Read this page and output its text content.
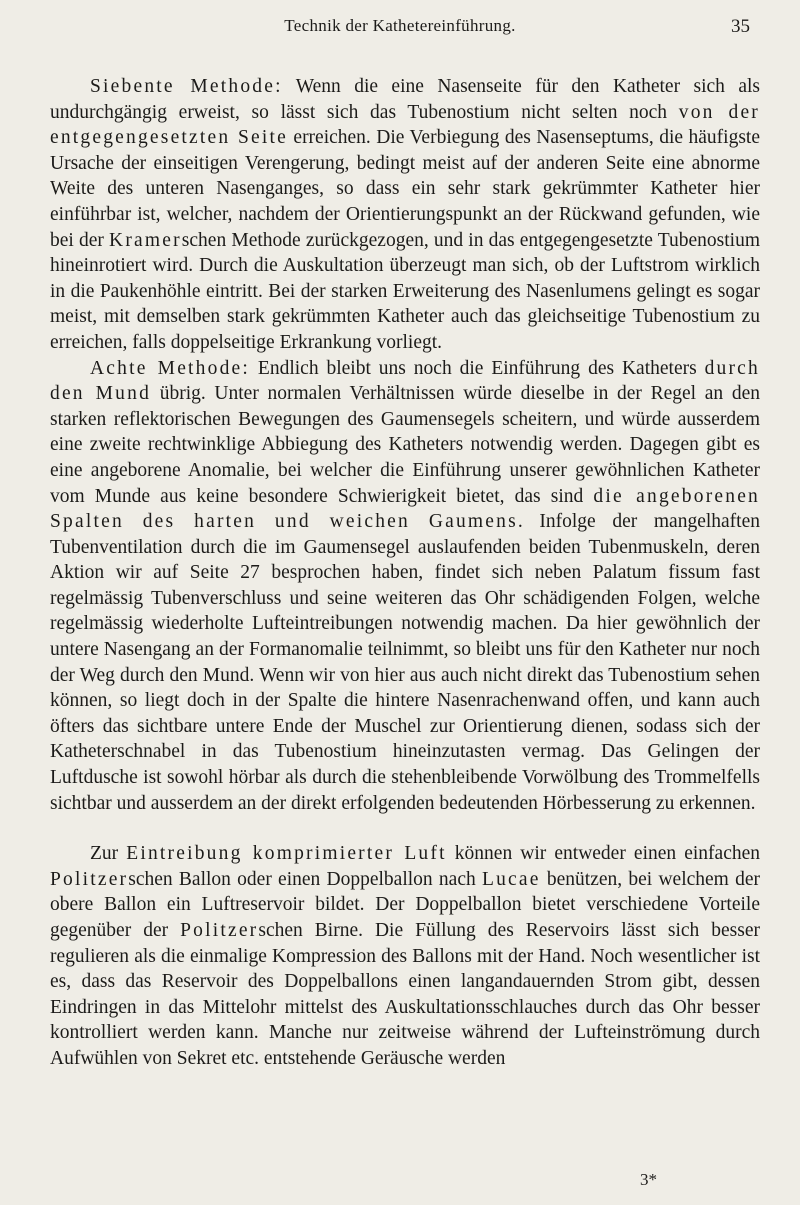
Technik der Kathetereinführung.	35

Siebente Methode: Wenn die eine Nasenseite für den Katheter sich als undurchgängig erweist, so lässt sich das Tubenostium nicht selten noch von der entgegengesetzten Seite erreichen. Die Verbiegung des Nasenseptums, die häufigste Ursache der einseitigen Verengerung, bedingt meist auf der anderen Seite eine abnorme Weite des unteren Nasenganges, so dass ein sehr stark gekrümmter Katheter hier einführbar ist, welcher, nachdem der Orientierungspunkt an der Rückwand gefunden, wie bei der Kramerschen Methode zurückgezogen, und in das entgegengesetzte Tubenostium hineinrotiert wird. Durch die Auskultation überzeugt man sich, ob der Luftstrom wirklich in die Paukenhöhle eintritt. Bei der starken Erweiterung des Nasenlumens gelingt es sogar meist, mit demselben stark gekrümmten Katheter auch das gleichseitige Tubenostium zu erreichen, falls doppelseitige Erkrankung vorliegt.

Achte Methode: Endlich bleibt uns noch die Einführung des Katheters durch den Mund übrig. Unter normalen Verhältnissen würde dieselbe in der Regel an den starken reflektorischen Bewegungen des Gaumensegels scheitern, und würde ausserdem eine zweite rechtwinklige Abbiegung des Katheters notwendig werden. Dagegen gibt es eine angeborene Anomalie, bei welcher die Einführung unserer gewöhnlichen Katheter vom Munde aus keine besondere Schwierigkeit bietet, das sind die angeborenen Spalten des harten und weichen Gaumens. Infolge der mangelhaften Tubenventilation durch die im Gaumensegel auslaufenden beiden Tubenmuskeln, deren Aktion wir auf Seite 27 besprochen haben, findet sich neben Palatum fissum fast regelmässig Tubenverschluss und seine weiteren das Ohr schädigenden Folgen, welche regelmässig wiederholte Lufteintreibungen notwendig machen. Da hier gewöhnlich der untere Nasengang an der Formanomalie teilnimmt, so bleibt uns für den Katheter nur noch der Weg durch den Mund. Wenn wir von hier aus auch nicht direkt das Tubenostium sehen können, so liegt doch in der Spalte die hintere Nasenrachenwand offen, und kann auch öfters das sichtbare untere Ende der Muschel zur Orientierung dienen, sodass sich der Katheterschnabel in das Tubenostium hineinzutasten vermag. Das Gelingen der Luftdusche ist sowohl hörbar als durch die stehenbleibende Vorwölbung des Trommelfells sichtbar und ausserdem an der direkt erfolgenden bedeutenden Hörbesserung zu erkennen.

Zur Eintreibung komprimierter Luft können wir entweder einen einfachen Politzerschen Ballon oder einen Doppelballon nach Lucae benützen, bei welchem der obere Ballon ein Luftreservoir bildet. Der Doppelballon bietet verschiedene Vorteile gegenüber der Politzerschen Birne. Die Füllung des Reservoirs lässt sich besser regulieren als die einmalige Kompression des Ballons mit der Hand. Noch wesentlicher ist es, dass das Reservoir des Doppelballons einen langandauernden Strom gibt, dessen Eindringen in das Mittelohr mittelst des Auskultationsschlauches durch das Ohr besser kontrolliert werden kann. Manche nur zeitweise während der Lufteinströmung durch Aufwühlen von Sekret etc. entstehende Geräusche werden

3*
